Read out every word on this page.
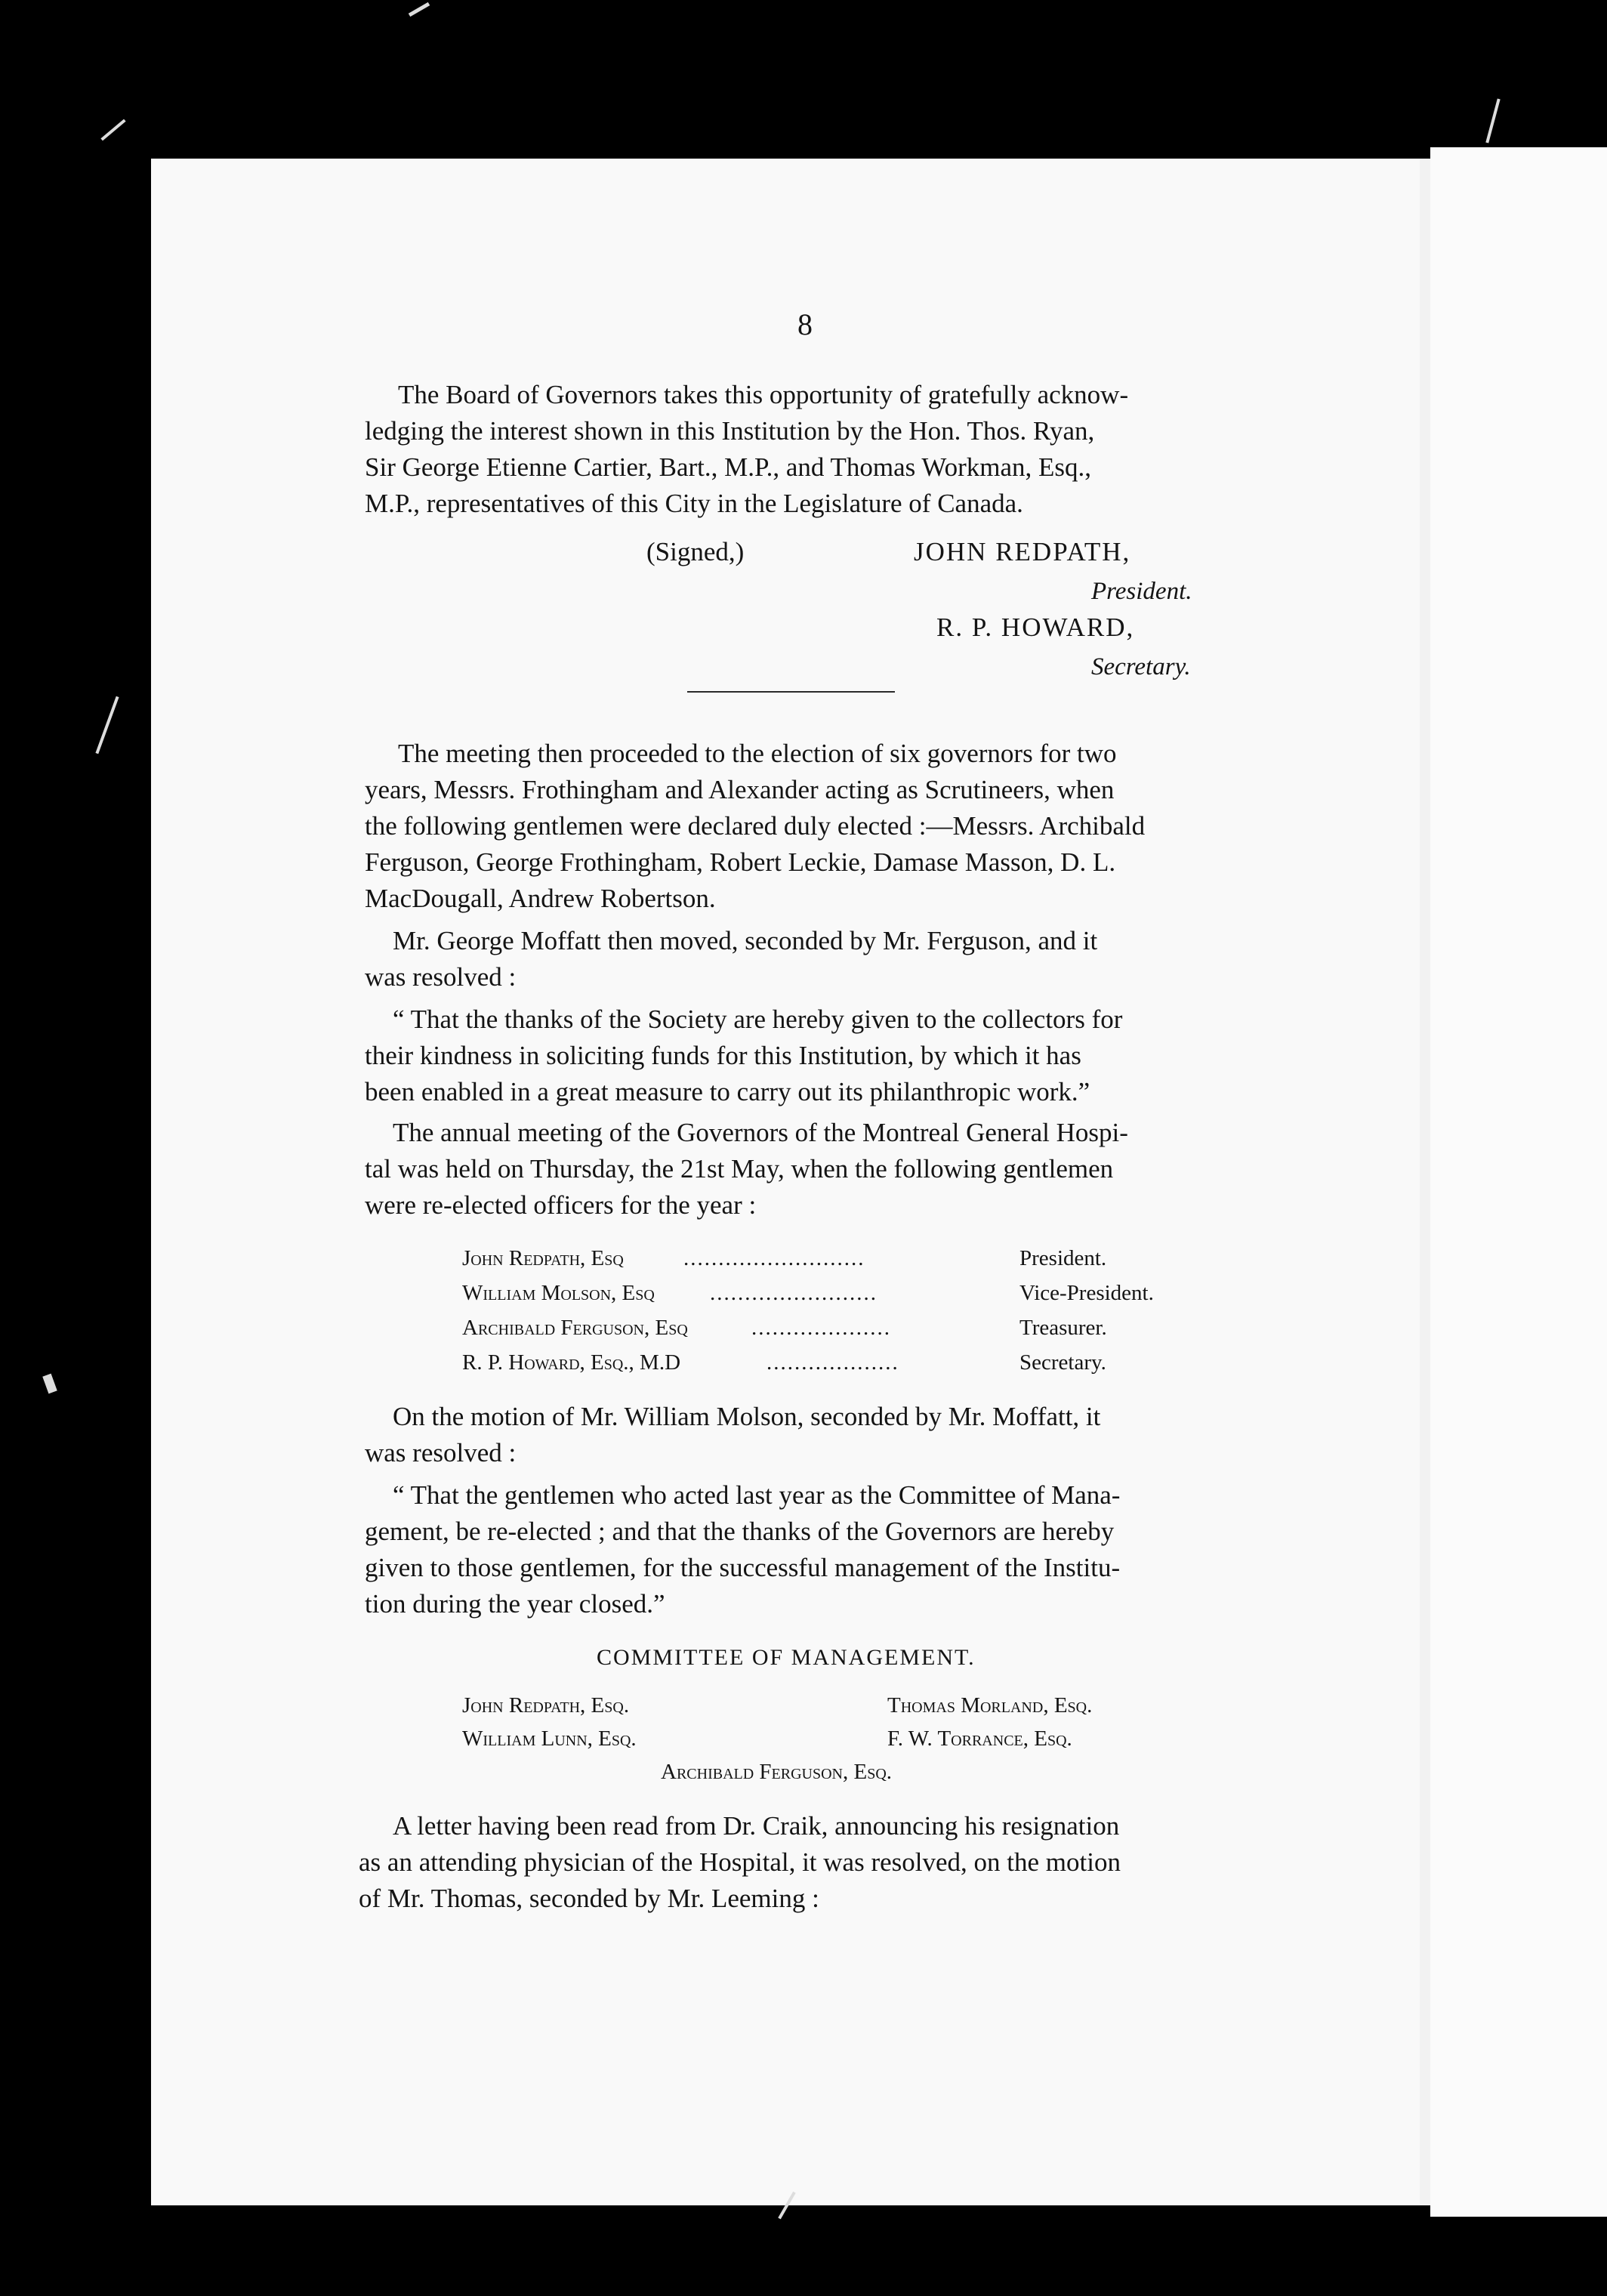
8
The Board of Governors takes this opportunity of gratefully acknow-
ledging the interest shown in this Institution by the Hon. Thos. Ryan,
Sir George Etienne Cartier, Bart., M.P., and Thomas Workman, Esq.,
M.P., representatives of this City in the Legislature of Canada.
(Signed,)	JOHN REDPATH,
President.
R. P. HOWARD,
Secretary.
The meeting then proceeded to the election of six governors for two
years, Messrs. Frothingham and Alexander acting as Scrutineers, when
the following gentlemen were declared duly elected :—Messrs. Archibald
Ferguson, George Frothingham, Robert Leckie, Damase Masson, D. L.
MacDougall, Andrew Robertson.
Mr. George Moffatt then moved, seconded by Mr. Ferguson, and it
was resolved :
“ That the thanks of the Society are hereby given to the collectors for
their kindness in soliciting funds for this Institution, by which it has
been enabled in a great measure to carry out its philanthropic work.”
The annual meeting of the Governors of the Montreal General Hospi-
tal was held on Thursday, the 21st May, when the following gentlemen
were re-elected officers for the year :
John Redpath, Esq	..........................	President.
William Molson, Esq	........................	Vice-President.
Archibald Ferguson, Esq	....................	Treasurer.
R. P. Howard, Esq., M.D	...................	Secretary.
On the motion of Mr. William Molson, seconded by Mr. Moffatt, it
was resolved :
“ That the gentlemen who acted last year as the Committee of Mana-
gement, be re-elected ; and that the thanks of the Governors are hereby
given to those gentlemen, for the successful management of the Institu-
tion during the year closed.”
COMMITTEE OF MANAGEMENT.
John Redpath, Esq.	Thomas Morland, Esq.
William Lunn, Esq.	F. W. Torrance, Esq.
Archibald Ferguson, Esq.
A letter having been read from Dr. Craik, announcing his resignation
as an attending physician of the Hospital, it was resolved, on the motion
of Mr. Thomas, seconded by Mr. Leeming :
